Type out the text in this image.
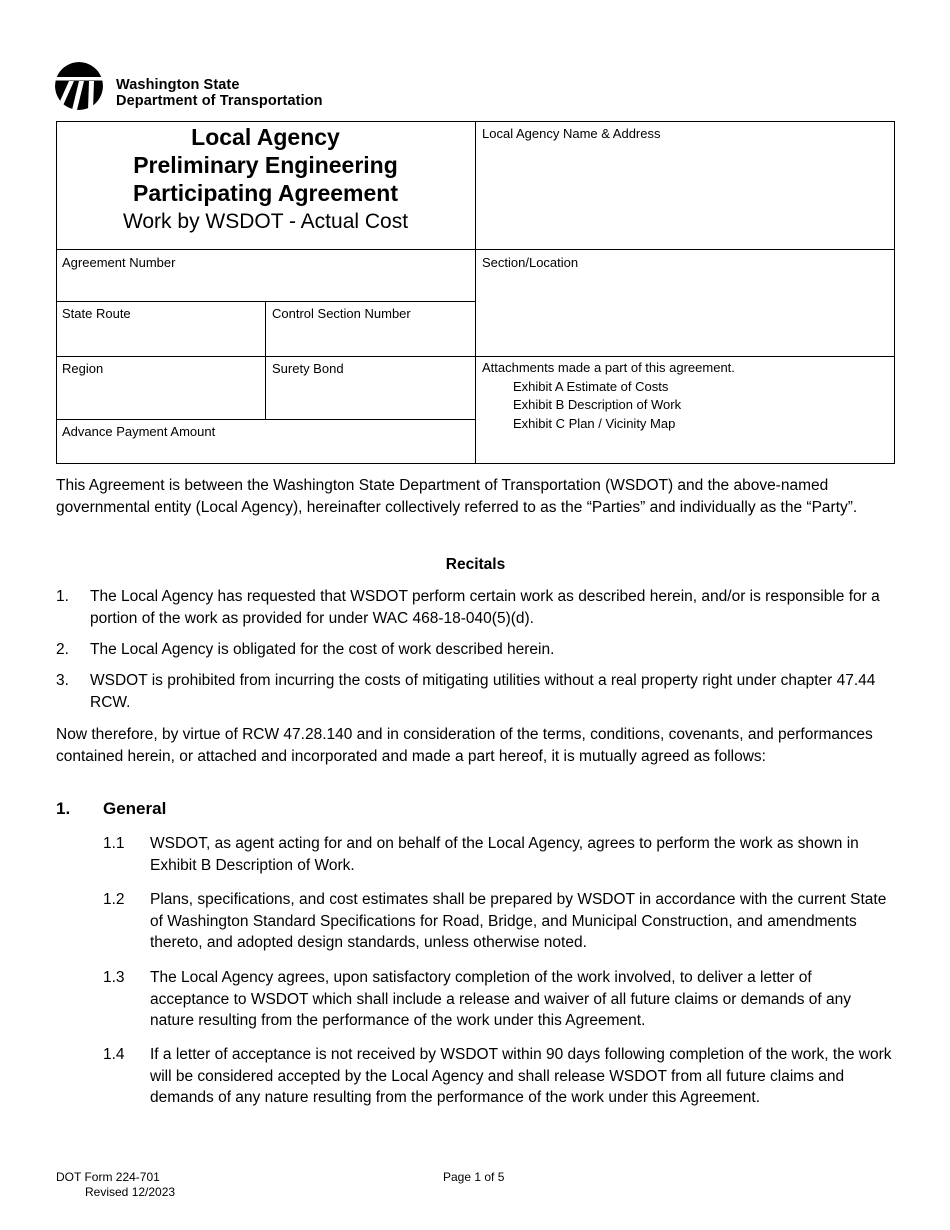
Washington State
Department of Transportation
Local Agency
Preliminary Engineering
Participating Agreement
Work by WSDOT - Actual Cost
Local Agency Name & Address
Agreement Number	Section/Location
State Route	Control Section Number
Region	Surety Bond
Advance Payment Amount
Attachments made a part of this agreement.
Exhibit A Estimate of Costs
Exhibit B Description of Work
Exhibit C Plan / Vicinity Map
This Agreement is between the Washington State Department of Transportation (WSDOT) and the above-named governmental entity (Local Agency), hereinafter collectively referred to as the “Parties” and individually as the “Party”.
Recitals
1. The Local Agency has requested that WSDOT perform certain work as described herein, and/or is responsible for a portion of the work as provided for under WAC 468-18-040(5)(d).
2. The Local Agency is obligated for the cost of work described herein.
3. WSDOT is prohibited from incurring the costs of mitigating utilities without a real property right under chapter 47.44 RCW.
Now therefore, by virtue of RCW 47.28.140 and in consideration of the terms, conditions, covenants, and performances contained herein, or attached and incorporated and made a part hereof, it is mutually agreed as follows:
1. General
1.1 WSDOT, as agent acting for and on behalf of the Local Agency, agrees to perform the work as shown in Exhibit B Description of Work.
1.2 Plans, specifications, and cost estimates shall be prepared by WSDOT in accordance with the current State of Washington Standard Specifications for Road, Bridge, and Municipal Construction, and amendments thereto, and adopted design standards, unless otherwise noted.
1.3 The Local Agency agrees, upon satisfactory completion of the work involved, to deliver a letter of acceptance to WSDOT which shall include a release and waiver of all future claims or demands of any nature resulting from the performance of the work under this Agreement.
1.4 If a letter of acceptance is not received by WSDOT within 90 days following completion of the work, the work will be considered accepted by the Local Agency and shall release WSDOT from all future claims and demands of any nature resulting from the performance of the work under this Agreement.
DOT Form 224-701
Revised 12/2023
Page 1 of 5
